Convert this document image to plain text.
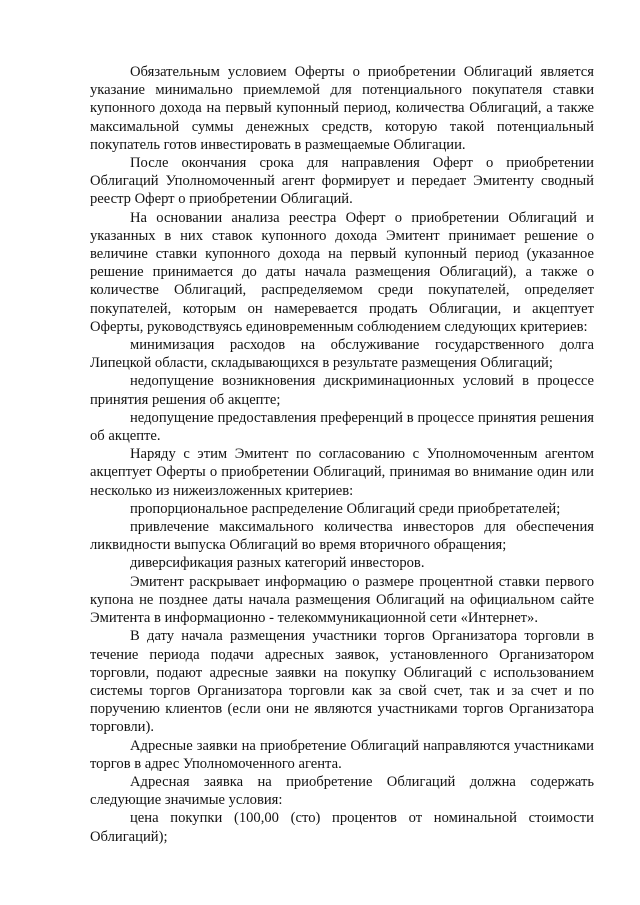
Обязательным условием Оферты о приобретении Облигаций является указание минимально приемлемой для потенциального покупателя ставки купонного дохода на первый купонный период, количества Облигаций, а также максимальной суммы денежных средств, которую такой потенциальный покупатель готов инвестировать в размещаемые Облигации.

После окончания срока для направления Оферт о приобретении Облигаций Уполномоченный агент формирует и передает Эмитенту сводный реестр Оферт о приобретении Облигаций.

На основании анализа реестра Оферт о приобретении Облигаций и указанных в них ставок купонного дохода Эмитент принимает решение о величине ставки купонного дохода на первый купонный период (указанное решение принимается до даты начала размещения Облигаций), а также о количестве Облигаций, распределяемом среди покупателей, определяет покупателей, которым он намеревается продать Облигации, и акцептует Оферты, руководствуясь единовременным соблюдением следующих критериев:

минимизация расходов на обслуживание государственного долга Липецкой области, складывающихся в результате размещения Облигаций;

недопущение возникновения дискриминационных условий в процессе принятия решения об акцепте;

недопущение предоставления преференций в процессе принятия решения об акцепте.

Наряду с этим Эмитент по согласованию с Уполномоченным агентом акцептует Оферты о приобретении Облигаций, принимая во внимание один или несколько из нижеизложенных критериев:

пропорциональное распределение Облигаций среди приобретателей;

привлечение максимального количества инвесторов для обеспечения ликвидности выпуска Облигаций во время вторичного обращения;

диверсификация разных категорий инвесторов.

Эмитент раскрывает информацию о размере процентной ставки первого купона не позднее даты начала размещения Облигаций на официальном сайте Эмитента в информационно - телекоммуникационной сети «Интернет».

В дату начала размещения участники торгов Организатора торговли в течение периода подачи адресных заявок, установленного Организатором торговли, подают адресные заявки на покупку Облигаций с использованием системы торгов Организатора торговли как за свой счет, так и за счет и по поручению клиентов (если они не являются участниками торгов Организатора торговли).

Адресные заявки на приобретение Облигаций направляются участниками торгов в адрес Уполномоченного агента.

Адресная заявка на приобретение Облигаций должна содержать следующие значимые условия:

цена покупки (100,00 (сто) процентов от номинальной стоимости Облигаций);
